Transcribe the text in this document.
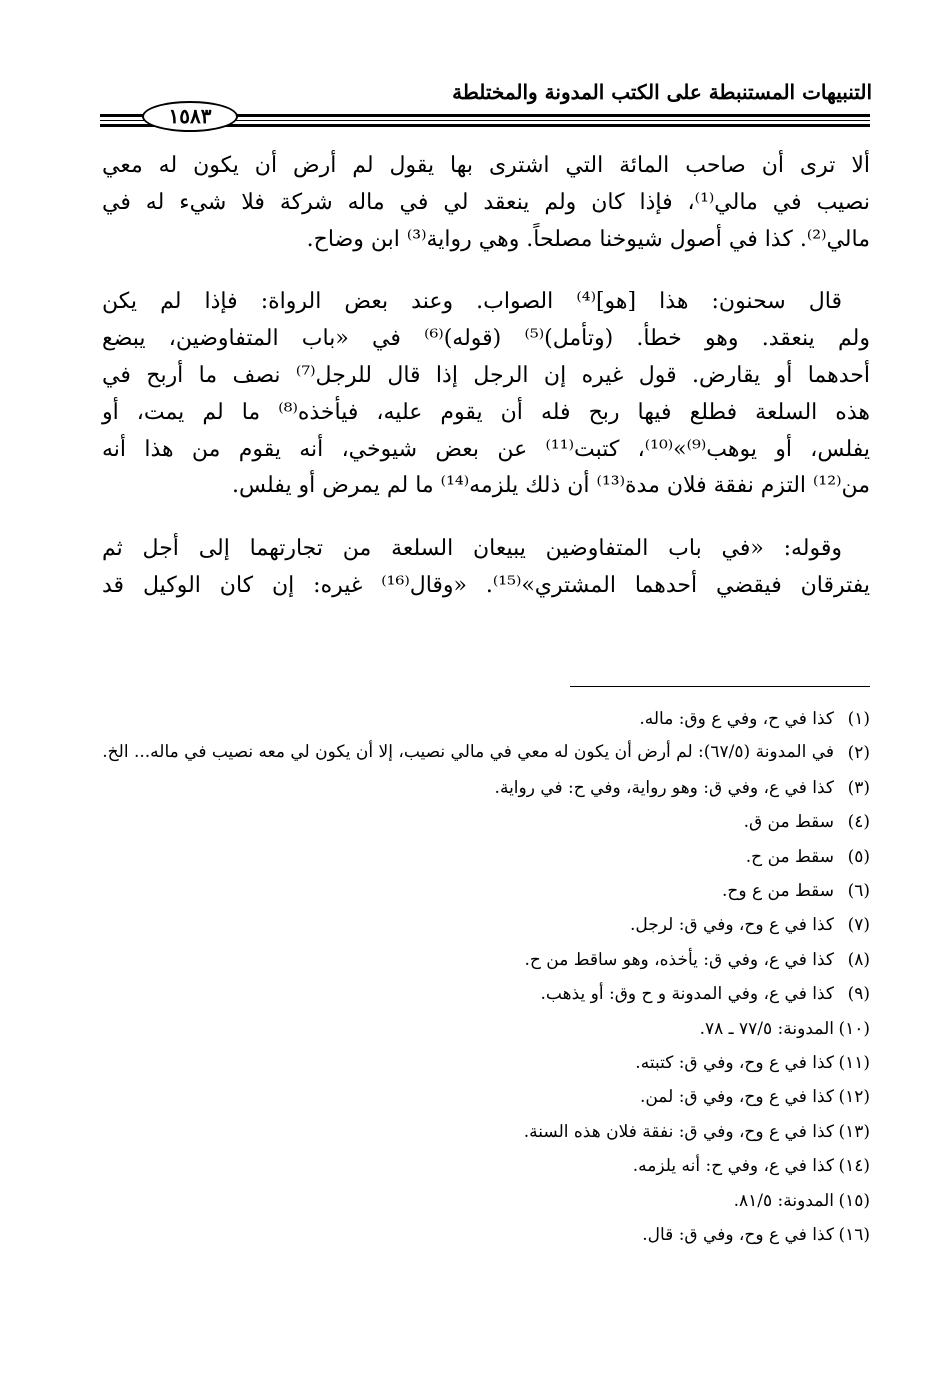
التنبيهات المستنبطة على الكتب المدونة والمختلطة
١٥٨٣

ألا ترى أن صاحب المائة التي اشترى بها يقول لم أرض أن يكون له معي
نصيب في مالي⁽¹⁾، فإذا كان ولم ينعقد لي في ماله شركة فلا شيء له في
مالي⁽²⁾. كذا في أصول شيوخنا مصلحاً. وهي رواية⁽³⁾ ابن وضاح.

قال سحنون: هذا [هو]⁽⁴⁾ الصواب. وعند بعض الرواة: فإذا لم يكن
ولم ينعقد. وهو خطأ. (وتأمل)⁽⁵⁾ (قوله)⁽⁶⁾ في «باب المتفاوضين، يبضع
أحدهما أو يقارض. قول غيره إن الرجل إذا قال للرجل⁽⁷⁾ نصف ما أربح في
هذه السلعة فطلع فيها ربح فله أن يقوم عليه، فيأخذه⁽⁸⁾ ما لم يمت، أو
يفلس، أو يوهب⁽⁹⁾»⁽¹⁰⁾، كتبت⁽¹¹⁾ عن بعض شيوخي، أنه يقوم من هذا أنه
من⁽¹²⁾ التزم نفقة فلان مدة⁽¹³⁾ أن ذلك يلزمه⁽¹⁴⁾ ما لم يمرض أو يفلس.

وقوله: «في باب المتفاوضين يبيعان السلعة من تجارتهما إلى أجل ثم
يفترقان فيقضي أحدهما المشتري»⁽¹⁵⁾. «وقال⁽¹⁶⁾ غيره: إن كان الوكيل قد

(١)
كذا في ح، وفي ع وق: ماله.
(٢)
في المدونة (٦٧/٥): لم أرض أن يكون له معي في مالي نصيب، إلا أن يكون لي معه نصيب في ماله... الخ.
(٣)
كذا في ع، وفي ق: وهو رواية، وفي ح: في رواية.
(٤)
سقط من ق.
(٥)
سقط من ح.
(٦)
سقط من ع وح.
(٧)
كذا في ع وح، وفي ق: لرجل.
(٨)
كذا في ع، وفي ق: يأخذه، وهو ساقط من ح.
(٩)
كذا في ع، وفي المدونة و ح وق: أو يذهب.
(١٠)
المدونة: ٧٧/٥ ـ ٧٨.
(١١)
كذا في ع وح، وفي ق: كتبته.
(١٢)
كذا في ع وح، وفي ق: لمن.
(١٣)
كذا في ع وح، وفي ق: نفقة فلان هذه السنة.
(١٤)
كذا في ع، وفي ح: أنه يلزمه.
(١٥)
المدونة: ٨١/٥.
(١٦)
كذا في ع وح، وفي ق: قال.
